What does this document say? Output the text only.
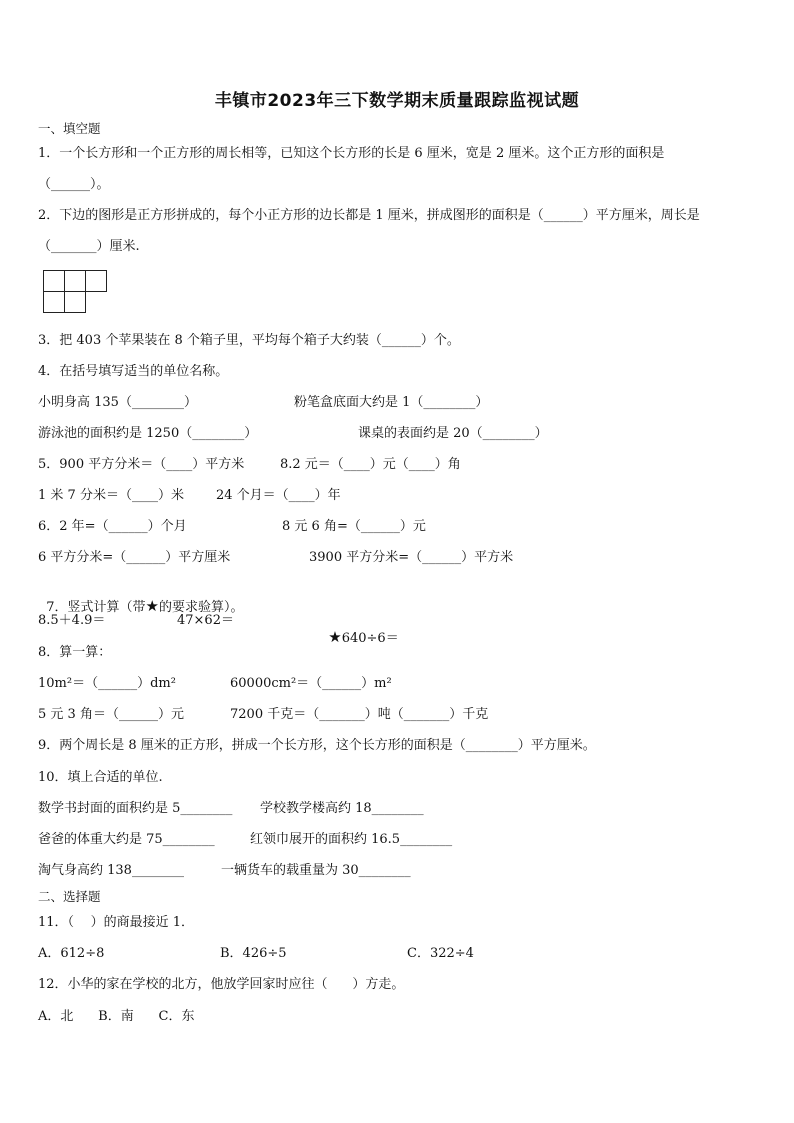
丰镇市2023年三下数学期末质量跟踪监视试题
一、填空题
1．一个长方形和一个正方形的周长相等，已知这个长方形的长是 6 厘米，宽是 2 厘米。这个正方形的面积是
（______）。
2．下边的图形是正方形拼成的，每个小正方形的边长都是 1 厘米，拼成图形的面积是（______）平方厘米，周长是
（_______）厘米.
3．把 403 个苹果装在 8 个箱子里，平均每个箱子大约装（______）个。
4．在括号填写适当的单位名称。
小明身高 135（________）	粉笔盒底面大约是 1（________）
游泳池的面积约是 1250（________）	课桌的表面约是 20（________）
5．900 平方分米＝（____）平方米	8.2 元＝（____）元（____）角
1 米 7 分米＝（____）米 24 个月＝（____）年
6．2 年=（______）个月	8 元 6 角=（______）元
6 平方分米=（______）平方厘米	3900 平方分米=（______）平方米

7．竖式计算（带★的要求验算）。

8.5＋4.9＝	47×62＝

★640÷6＝

8．算一算：
10m²＝（______）dm²	60000cm²＝（______）m²
5 元 3 角＝（______）元	7200 千克＝（_______）吨（_______）千克
9．两个周长是 8 厘米的正方形，拼成一个长方形，这个长方形的面积是（________）平方厘米。
10．填上合适的单位.
数学书封面的面积约是 5________ 学校教学楼高约 18________
爸爸的体重大约是 75________	红领巾展开的面积约 16.5________
淘气身高约 138________	一辆货车的载重量为 30________
二、选择题
11．（    ）的商最接近 1．
A．612÷8	B．426÷5	C．322÷4
12．小华的家在学校的北方，他放学回家时应往（      ）方走。
A．北      B．南      C．东
